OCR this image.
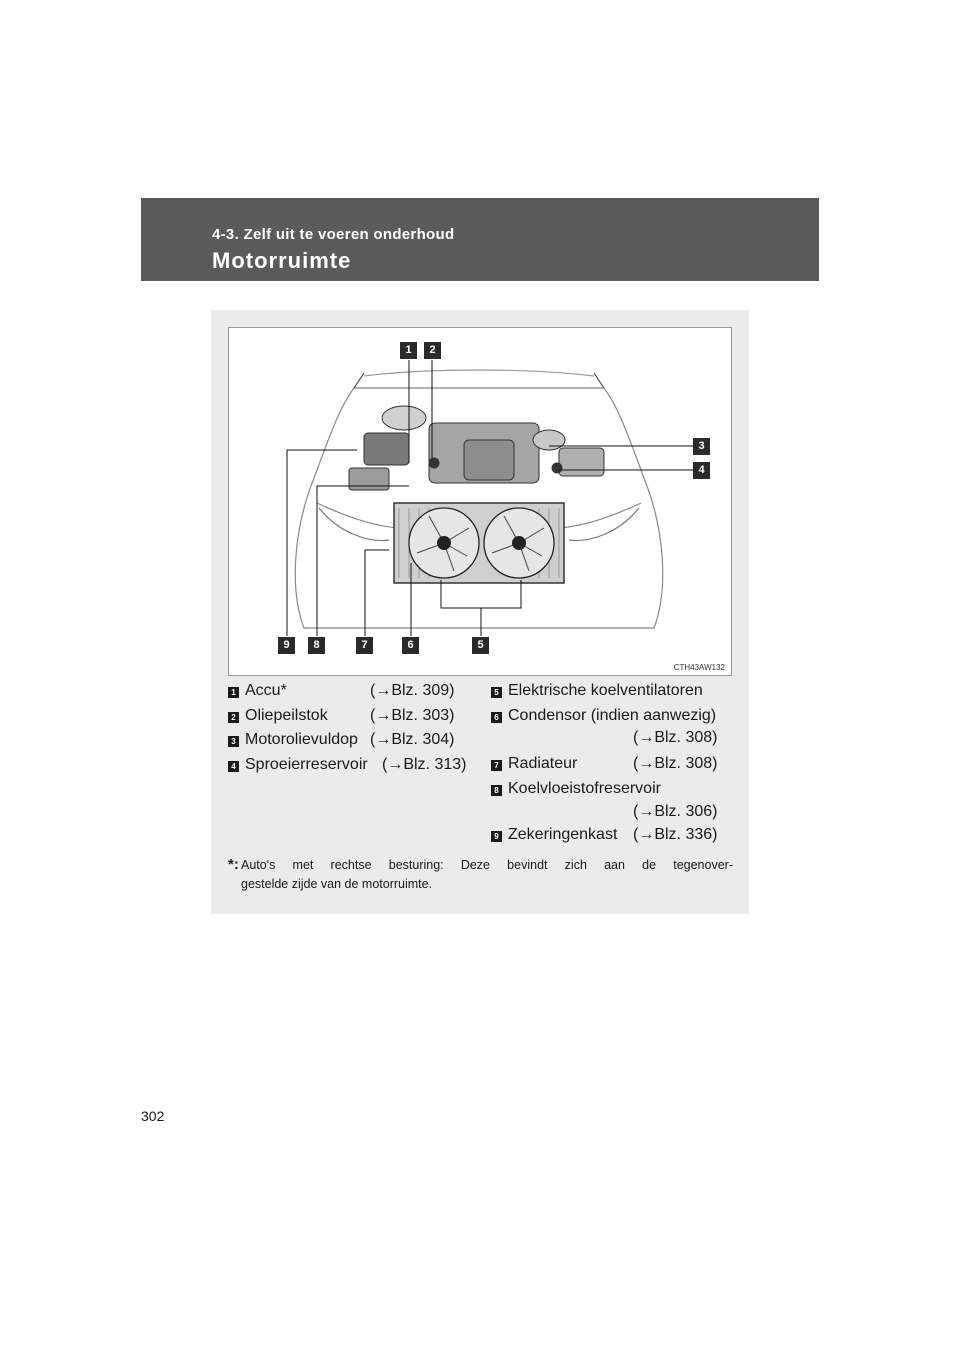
4-3. Zelf uit te voeren onderhoud
Motorruimte
1	2
3
4
5
6
7
8
9
CTH43AW132
1 Accu*	(→Blz. 309)
2 Oliepeilstok	(→Blz. 303)
3 Motorolievuldop (→Blz. 304)
4 Sproeierreservoir (→Blz. 313)
5 Elektrische koelventilatoren
6 Condensor (indien aanwezig)
(→Blz. 308)
7 Radiateur	(→Blz. 308)
8 Koelvloeistofreservoir
(→Blz. 306)
9 Zekeringenkast (→Blz. 336)
*: Auto's met rechtse besturing: Deze bevindt zich aan de tegenover-
gestelde zijde van de motorruimte.
302
